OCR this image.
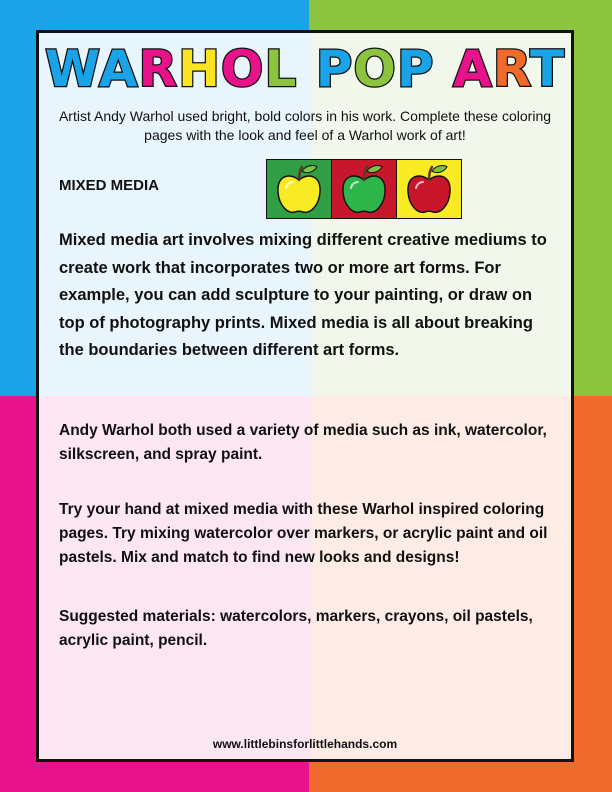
WARHOL POP ART

Artist Andy Warhol used bright, bold colors in his work. Complete these coloring pages with the look and feel of a Warhol work of art!

MIXED MEDIA

Mixed media art involves mixing different creative mediums to create work that incorporates two or more art forms. For example, you can add sculpture to your painting, or draw on top of photography prints. Mixed media is all about breaking the boundaries between different art forms.

Andy Warhol both used a variety of media such as ink, watercolor, silkscreen, and spray paint.

Try your hand at mixed media with these Warhol inspired coloring pages. Try mixing watercolor over markers, or acrylic paint and oil pastels. Mix and match to find new looks and designs!

Suggested materials: watercolors, markers, crayons, oil pastels, acrylic paint, pencil.

www.littlebinsforlittlehands.com
